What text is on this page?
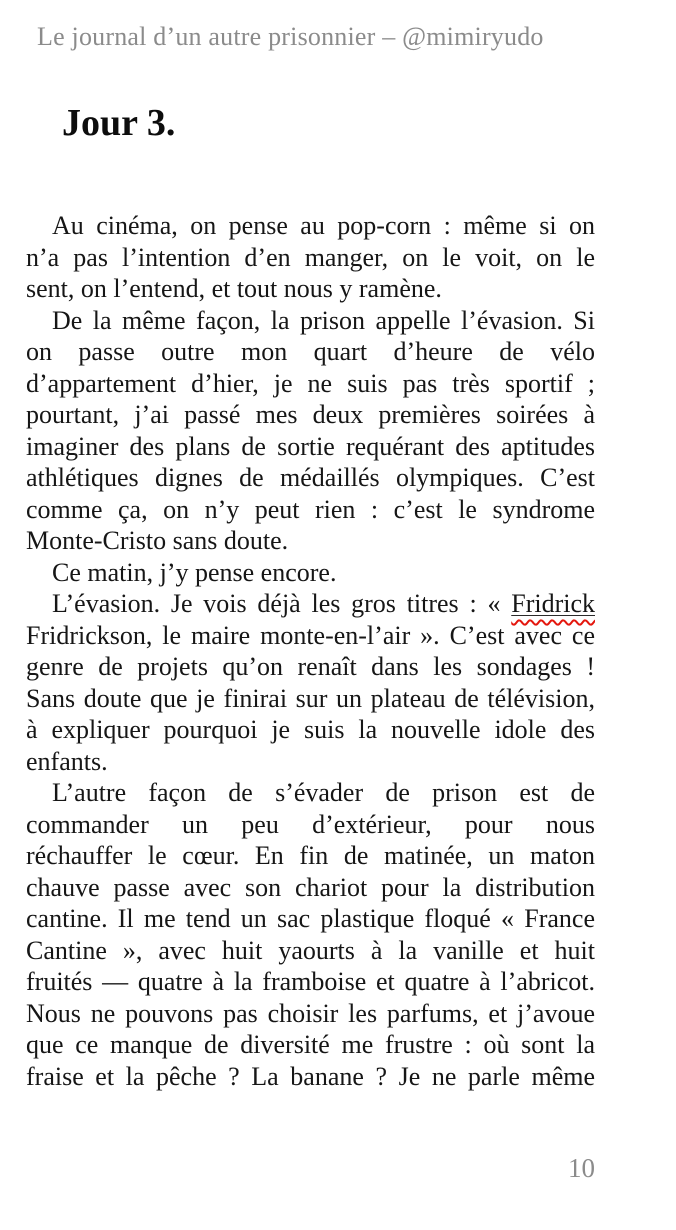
Le journal d’un autre prisonnier – @mimiryudo
Jour 3.
Au cinéma, on pense au pop-corn : même si on
n’a pas l’intention d’en manger, on le voit, on le
sent, on l’entend, et tout nous y ramène.
De la même façon, la prison appelle l’évasion. Si
on passe outre mon quart d’heure de vélo
d’appartement d’hier, je ne suis pas très sportif ;
pourtant, j’ai passé mes deux premières soirées à
imaginer des plans de sortie requérant des aptitudes
athlétiques dignes de médaillés olympiques. C’est
comme ça, on n’y peut rien : c’est le syndrome
Monte-Cristo sans doute.
Ce matin, j’y pense encore.
L’évasion. Je vois déjà les gros titres : « Fridrick
Fridrickson, le maire monte-en-l’air ». C’est avec ce
genre de projets qu’on renaît dans les sondages !
Sans doute que je finirai sur un plateau de télévision,
à expliquer pourquoi je suis la nouvelle idole des
enfants.
L’autre façon de s’évader de prison est de
commander un peu d’extérieur, pour nous
réchauffer le cœur. En fin de matinée, un maton
chauve passe avec son chariot pour la distribution
cantine. Il me tend un sac plastique floqué « France
Cantine », avec huit yaourts à la vanille et huit
fruités — quatre à la framboise et quatre à l’abricot.
Nous ne pouvons pas choisir les parfums, et j’avoue
que ce manque de diversité me frustre : où sont la
fraise et la pêche ? La banane ? Je ne parle même
10
